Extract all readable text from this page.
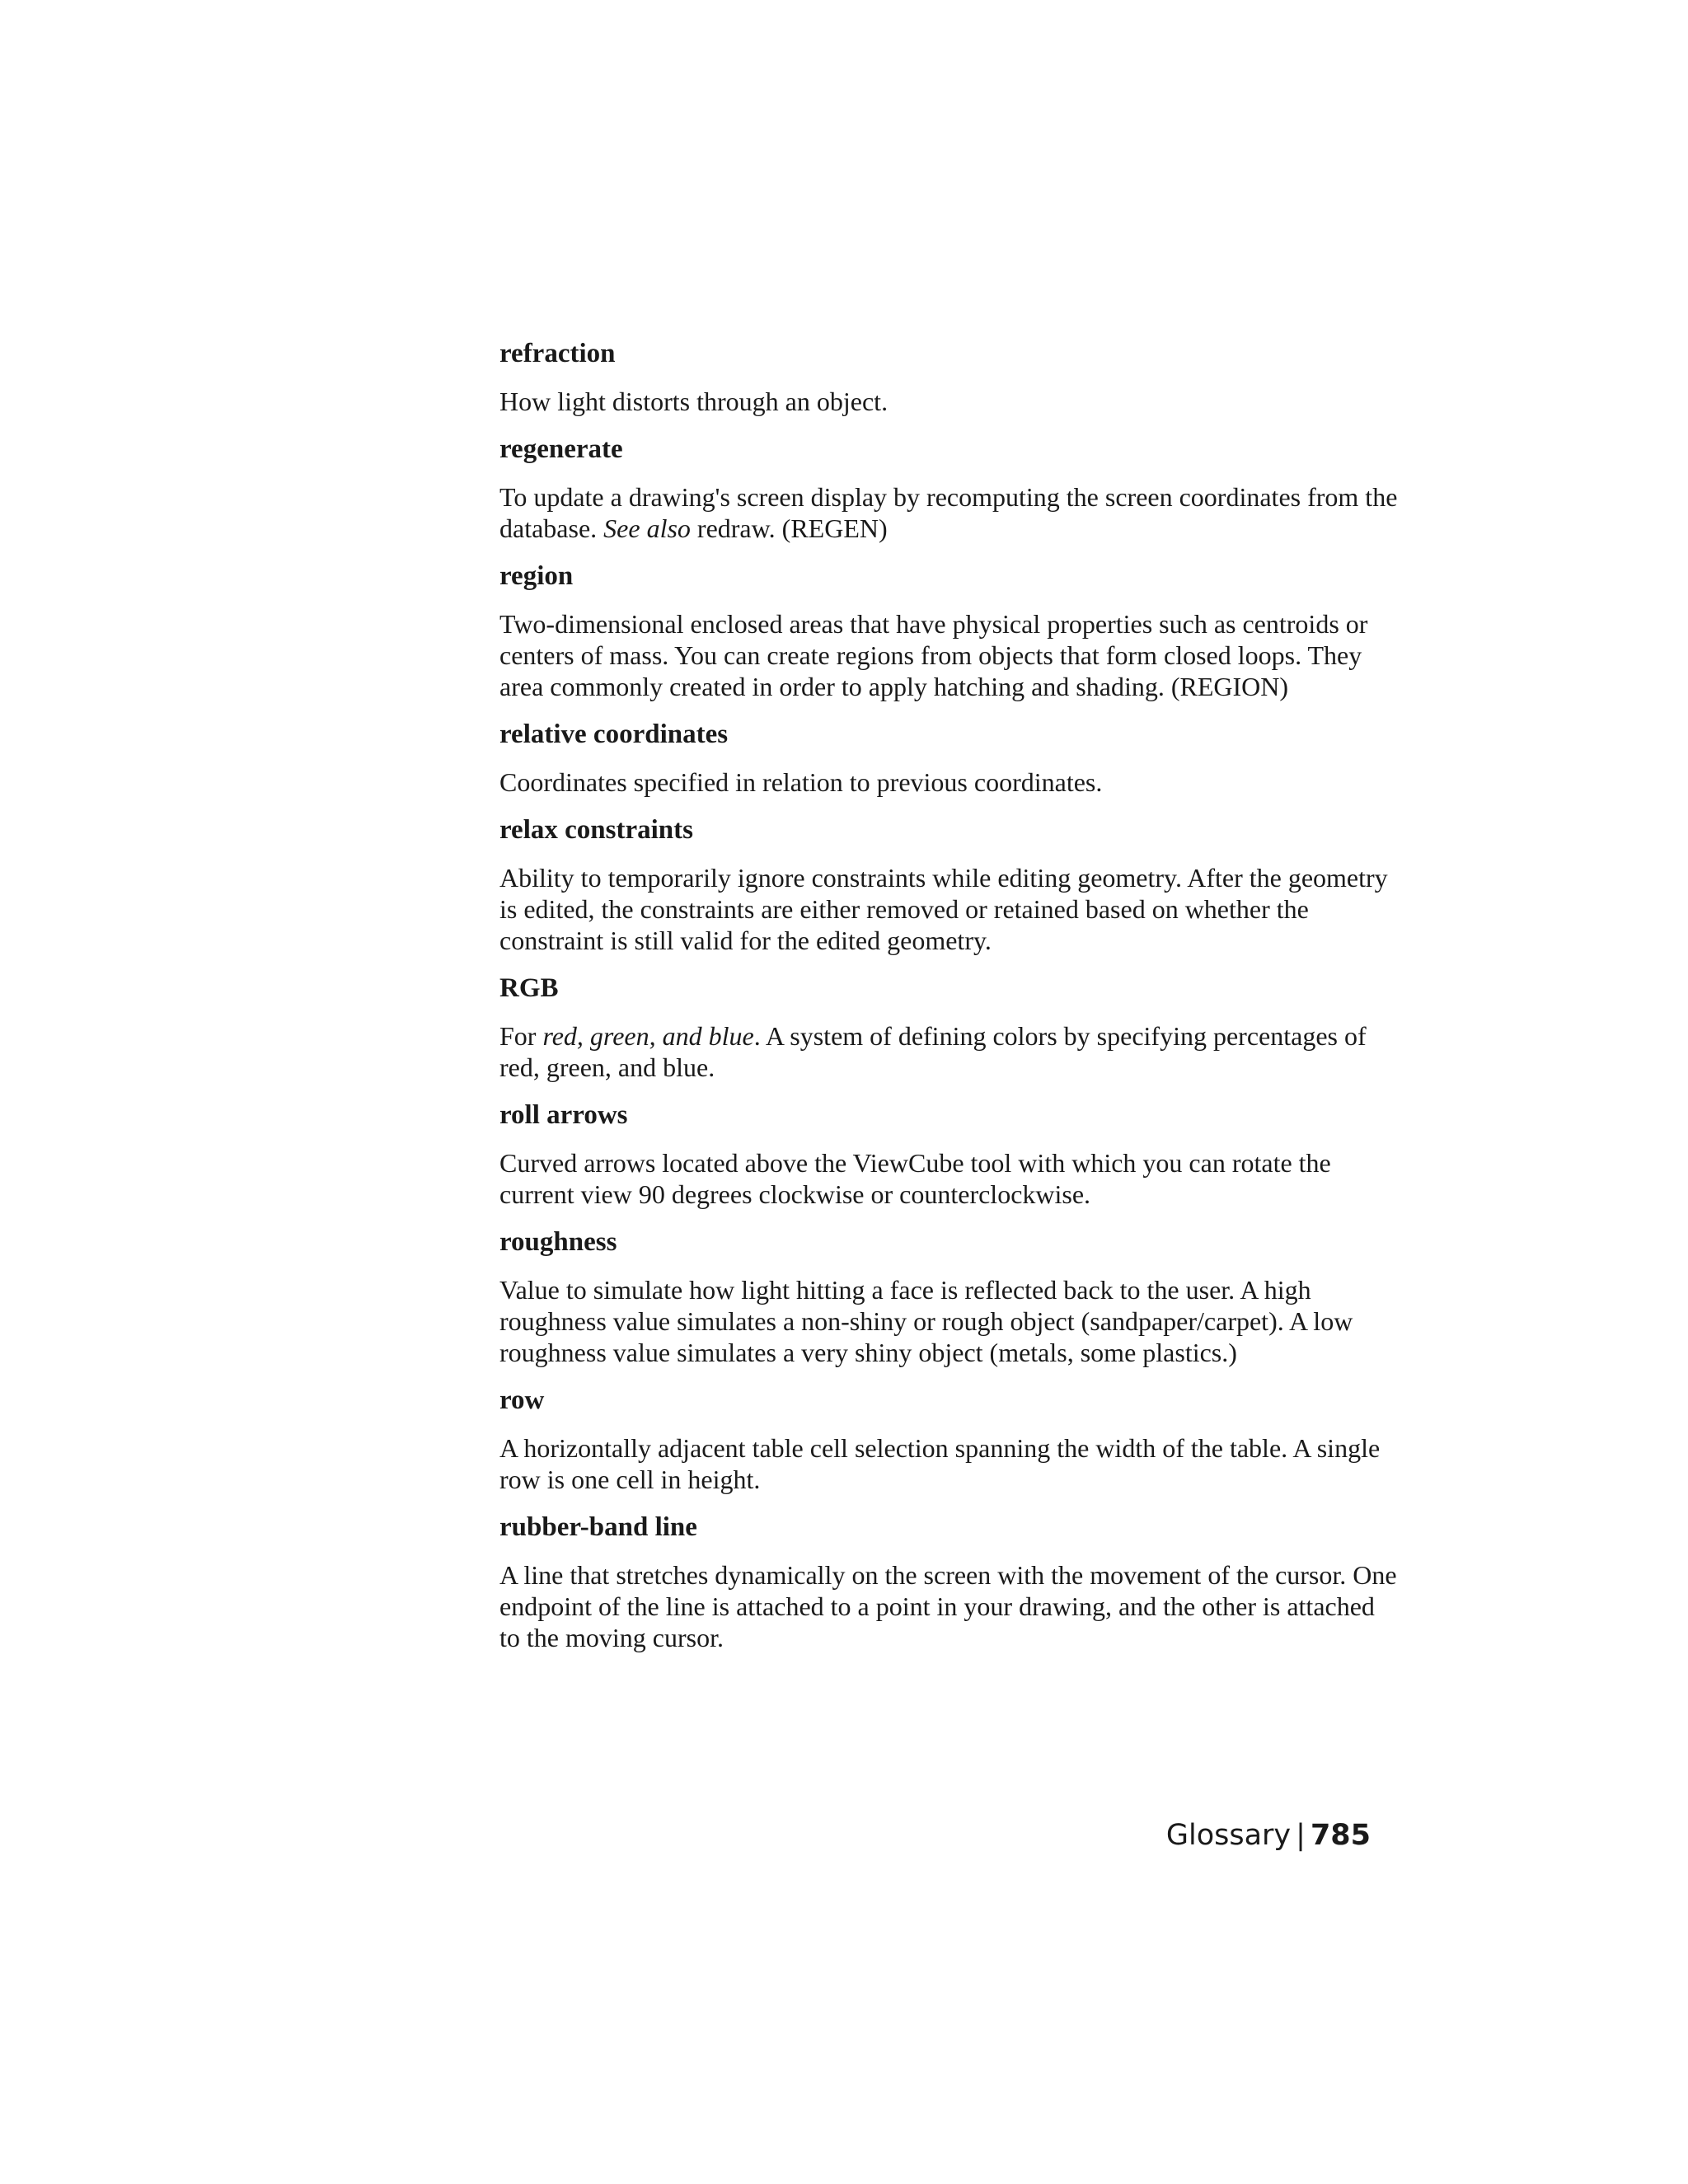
refraction

How light distorts through an object.

regenerate

To update a drawing's screen display by recomputing the screen coordinates from the database. See also redraw. (REGEN)

region

Two-dimensional enclosed areas that have physical properties such as centroids or centers of mass. You can create regions from objects that form closed loops. They area commonly created in order to apply hatching and shading. (REGION)

relative coordinates

Coordinates specified in relation to previous coordinates.

relax constraints

Ability to temporarily ignore constraints while editing geometry. After the geometry is edited, the constraints are either removed or retained based on whether the constraint is still valid for the edited geometry.

RGB

For red, green, and blue. A system of defining colors by specifying percentages of red, green, and blue.

roll arrows

Curved arrows located above the ViewCube tool with which you can rotate the current view 90 degrees clockwise or counterclockwise.

roughness

Value to simulate how light hitting a face is reflected back to the user. A high roughness value simulates a non-shiny or rough object (sandpaper/carpet). A low roughness value simulates a very shiny object (metals, some plastics.)

row

A horizontally adjacent table cell selection spanning the width of the table. A single row is one cell in height.

rubber-band line

A line that stretches dynamically on the screen with the movement of the cursor. One endpoint of the line is attached to a point in your drawing, and the other is attached to the moving cursor.

Glossary | 785
